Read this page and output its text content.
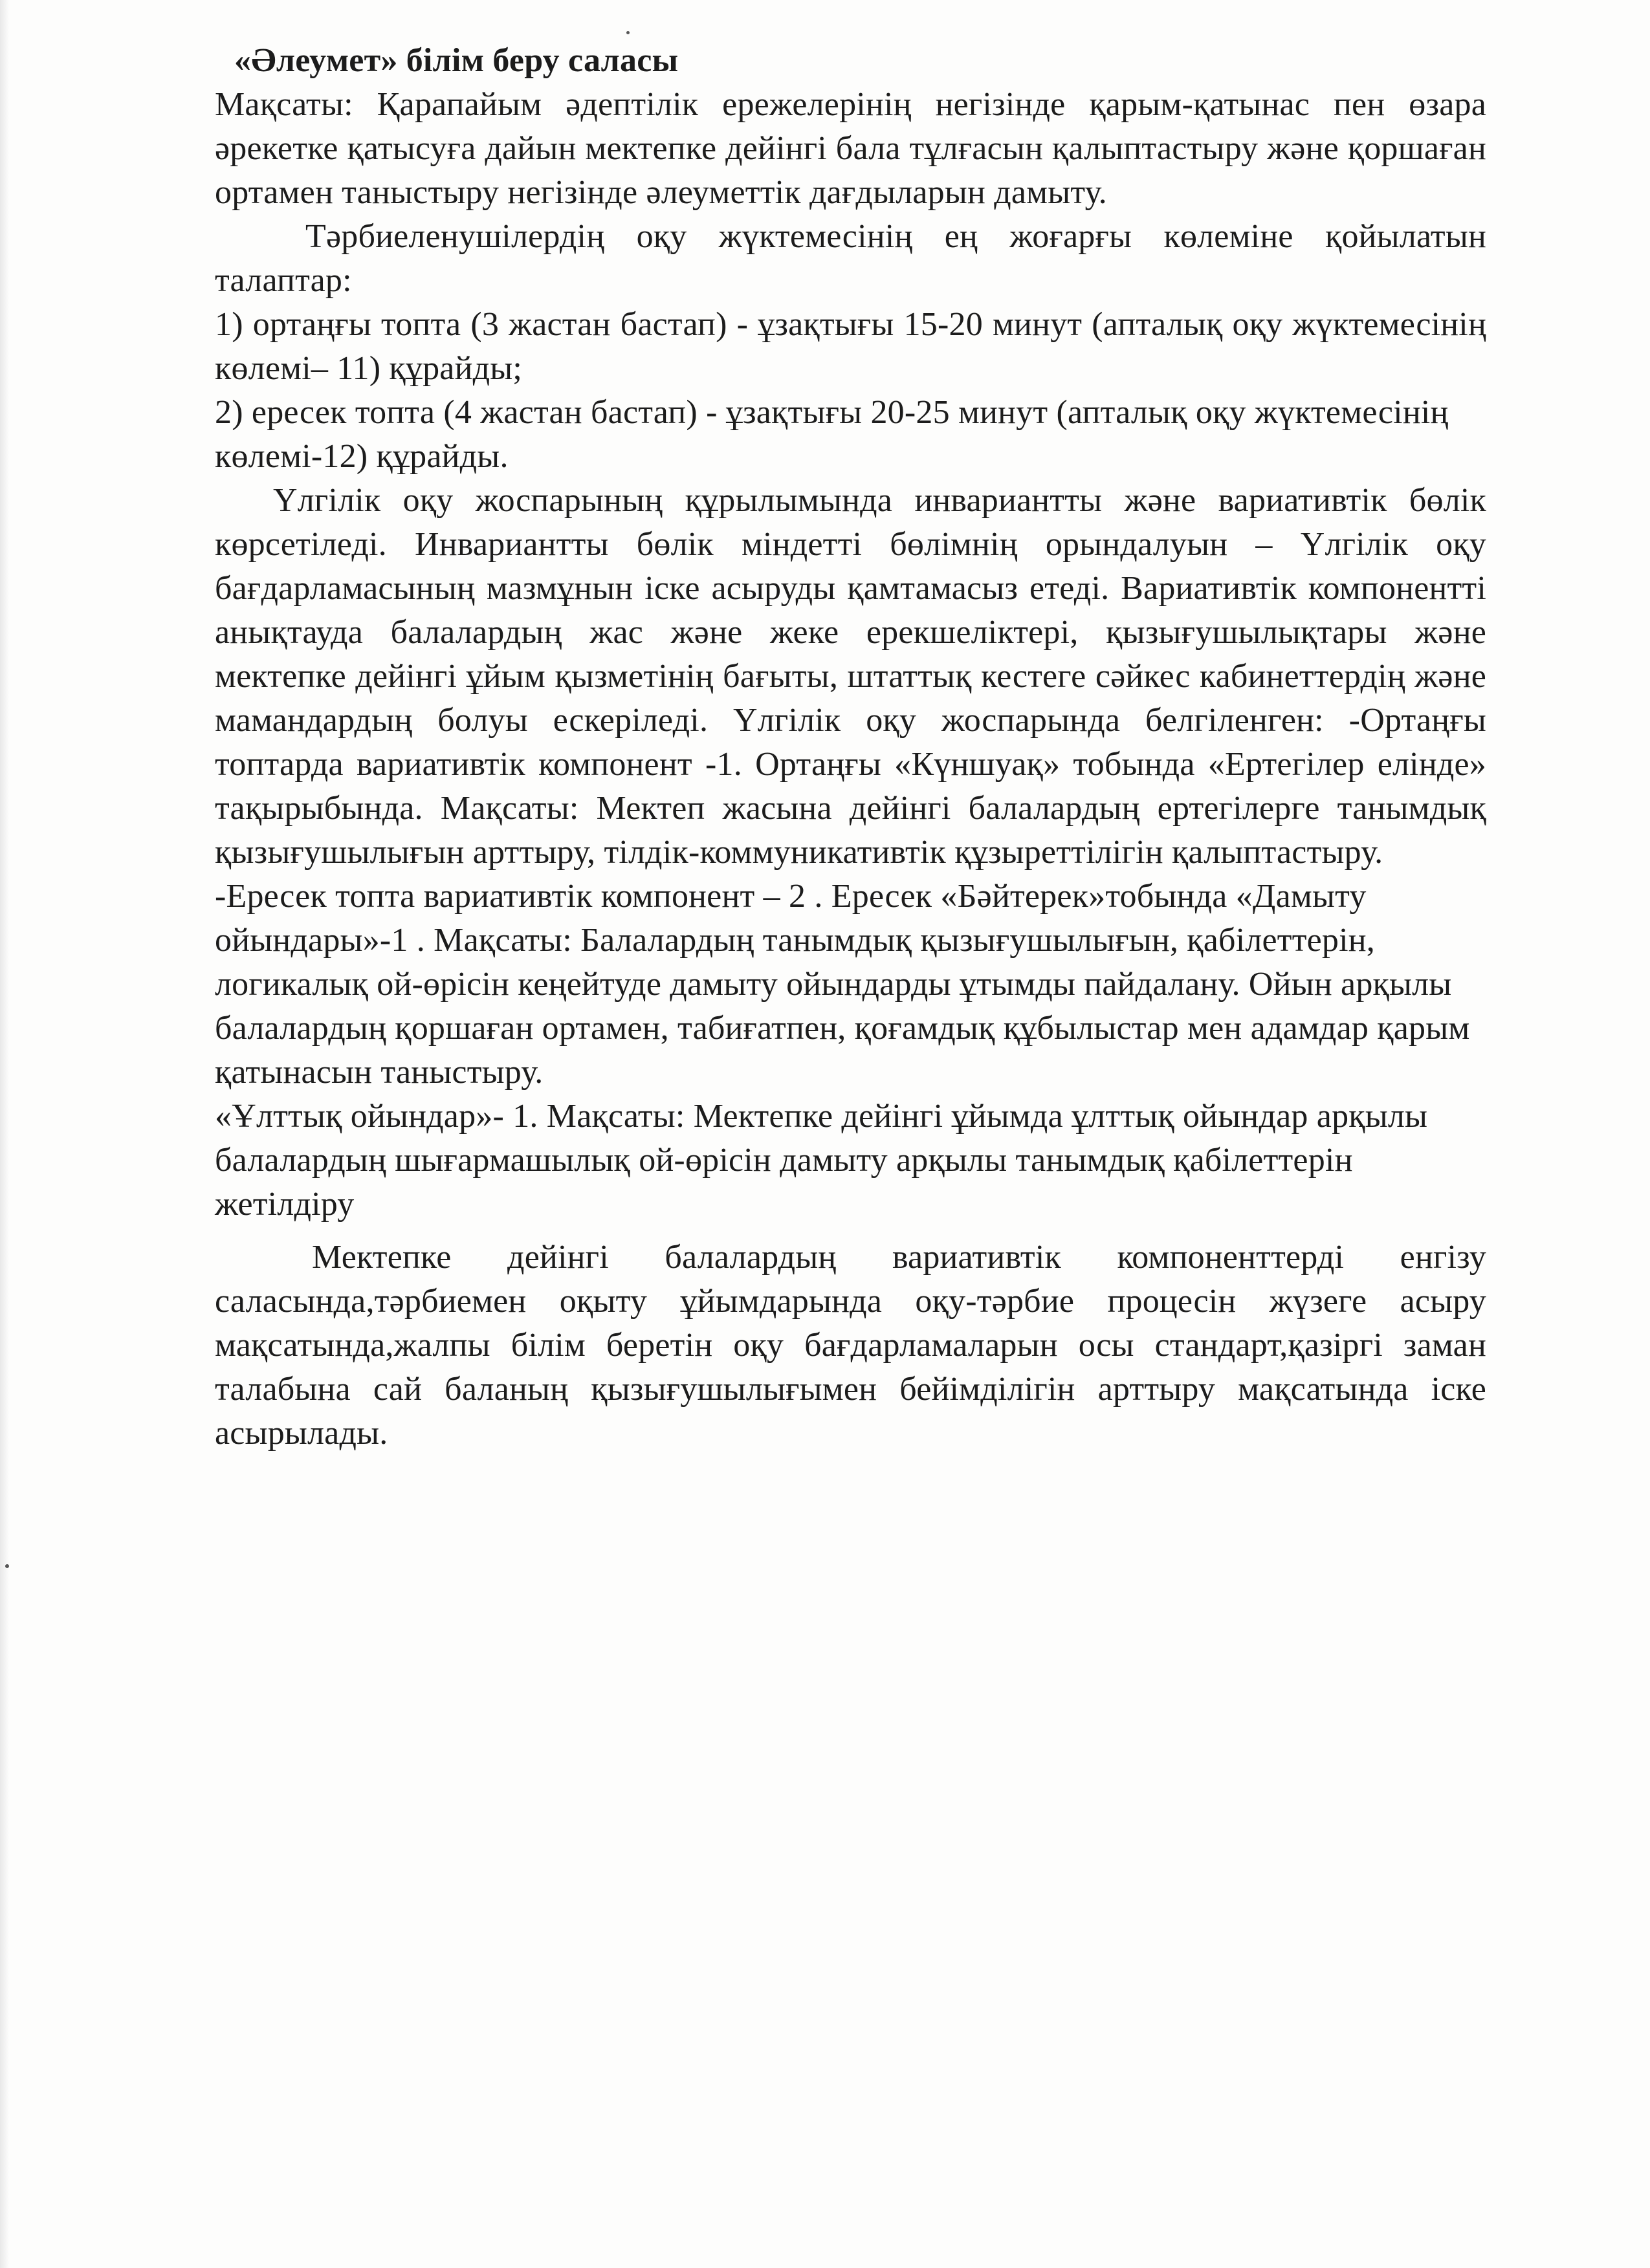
«Әлеумет» білім беру саласы

Мақсаты: Қарапайым әдептілік ережелерінің негізінде қарым-қатынас пен өзара әрекетке қатысуға дайын мектепке дейінгі бала тұлғасын қалыптастыру және қоршаған ортамен таныстыру негізінде әлеуметтік дағдыларын дамыту.

Тәрбиеленушілердің оқу жүктемесінің ең жоғарғы көлеміне қойылатын талаптар:

1) ортаңғы топта (3 жастан бастап) - ұзақтығы 15-20 минут (апталық оқу жүктемесінің көлемі– 11) құрайды;

2) ересек топта (4 жастан бастап) - ұзақтығы 20-25 минут (апталық оқу жүктемесінің көлемі-12) құрайды.

Үлгілік оқу жоспарының құрылымында инвариантты және вариативтік бөлік көрсетіледі. Инвариантты бөлік міндетті бөлімнің орындалуын – Үлгілік оқу бағдарламасының мазмұнын іске асыруды қамтамасыз етеді. Вариативтік компонентті анықтауда балалардың жас және жеке ерекшеліктері, қызығушылықтары және мектепке дейінгі ұйым қызметінің бағыты, штаттық кестеге сәйкес кабинеттердің және мамандардың болуы ескеріледі. Үлгілік оқу жоспарында белгіленген: -Ортаңғы топтарда вариативтік компонент -1. Ортаңғы «Күншуақ» тобында «Ертегілер елінде» тақырыбында. Мақсаты: Мектеп жасына дейінгі балалардың ертегілерге танымдық қызығушылығын арттыру, тілдік-коммуникативтік құзыреттілігін қалыптастыру.

-Ересек топта вариативтік компонент – 2 . Ересек «Бәйтерек»тобында «Дамыту ойындары»-1 . Мақсаты: Балалардың танымдық қызығушылығын, қабілеттерін, логикалық ой-өрісін кеңейтуде дамыту ойындарды ұтымды пайдалану. Ойын арқылы балалардың қоршаған ортамен, табиғатпен, қоғамдық құбылыстар мен адамдар қарым қатынасын таныстыру.

«Ұлттық ойындар»- 1. Мақсаты: Мектепке дейінгі ұйымда ұлттық ойындар арқылы балалардың шығармашылық ой-өрісін дамыту арқылы танымдық қабілеттерін жетілдіру

Мектепке дейінгі балалардың вариативтік компоненттерді енгізу саласында,тәрбиемен оқыту ұйымдарында оқу-тәрбие процесін жүзеге асыру мақсатында,жалпы білім беретін оқу бағдарламаларын осы стандарт,қазіргі заман талабына сай баланың қызығушылығымен бейімділігін арттыру мақсатында іске асырылады.
